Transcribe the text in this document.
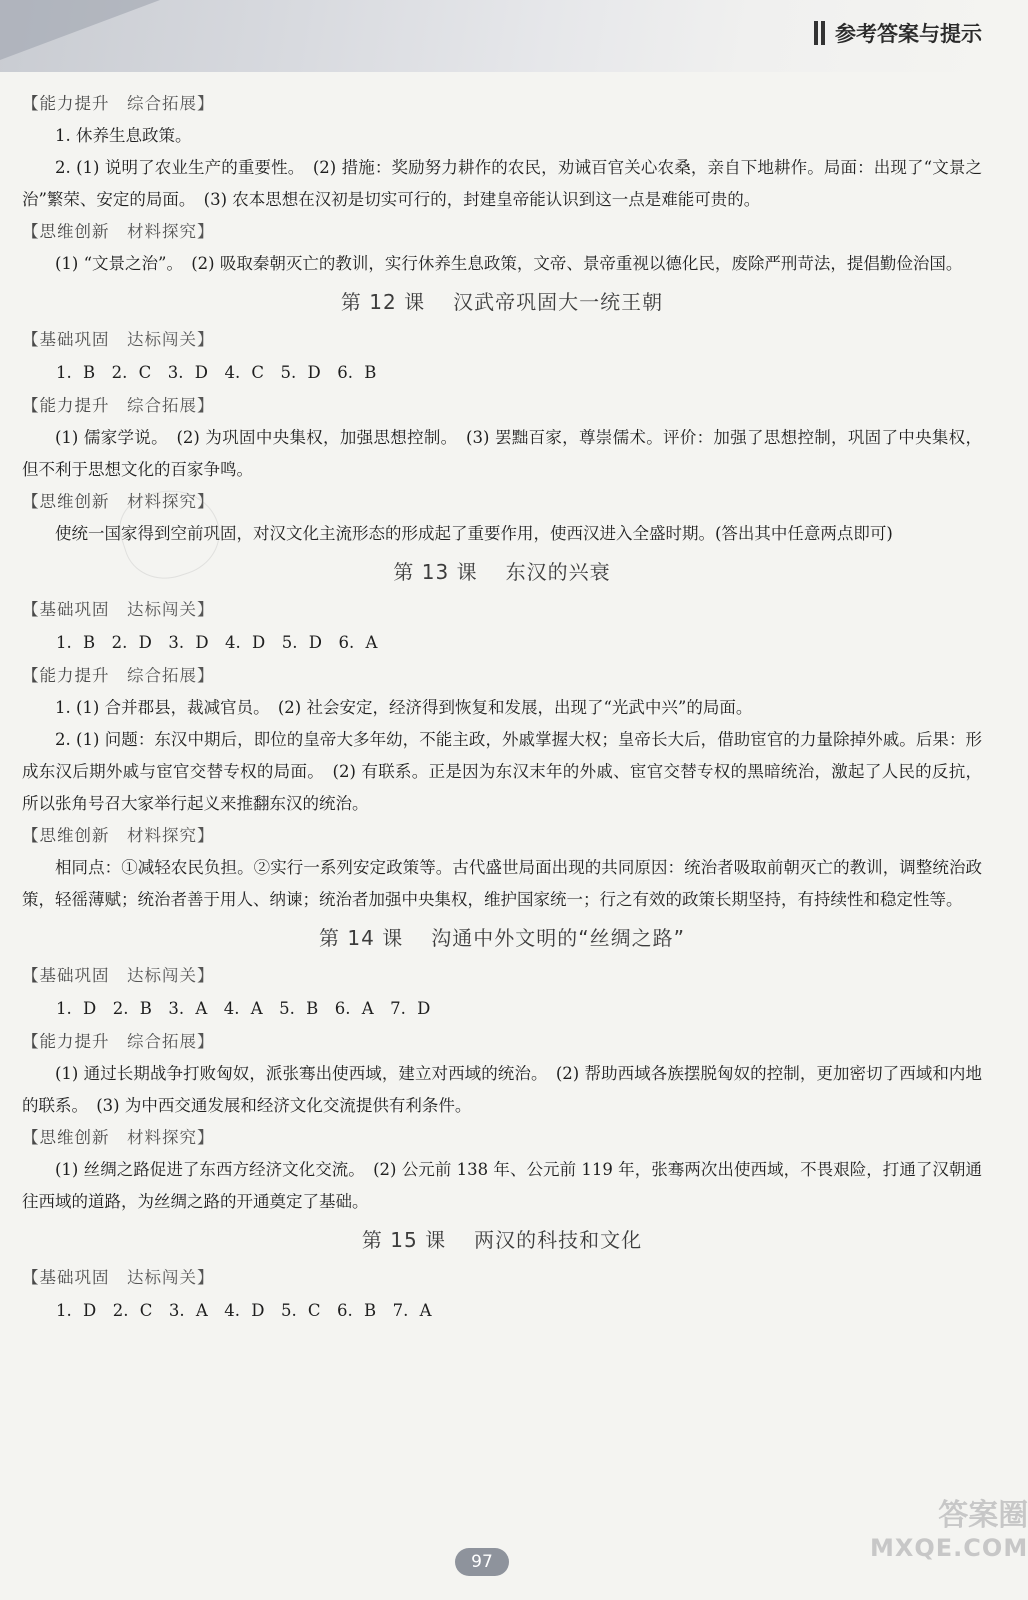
参考答案与提示
【能力提升　 综合拓展】
1. 休养生息政策。
2. (1) 说明了农业生产的重要性。　(2) 措施：奖励努力耕作的农民，劝诫百官关心农桑，亲自下地耕作。局面：出现了“文景之治”繁荣、安定的局面。　(3) 农本思想在汉初是切实可行的，封建皇帝能认识到这一点是难能可贵的。
【思维创新　 材料探究】
(1) “文景之治”。　(2) 吸取秦朝灭亡的教训，实行休养生息政策，文帝、景帝重视以德化民，废除严刑苛法，提倡勤俭治国。
第 12 课 汉武帝巩固大一统王朝
【基础巩固　 达标闯关】
1. B　2. C　3. D　4. C　5. D　6. B
【能力提升　 综合拓展】
(1) 儒家学说。　(2) 为巩固中央集权，加强思想控制。　(3) 罢黜百家，尊崇儒术。评价：加强了思想控制，巩固了中央集权，但不利于思想文化的百家争鸣。
【思维创新　 材料探究】
使统一国家得到空前巩固，对汉文化主流形态的形成起了重要作用，使西汉进入全盛时期。(答出其中任意两点即可)
第 13 课 东汉的兴衰
【基础巩固　 达标闯关】
1. B　2. D　3. D　4. D　5. D　6. A
【能力提升　 综合拓展】
1. (1) 合并郡县，裁减官员。　(2) 社会安定，经济得到恢复和发展，出现了“光武中兴”的局面。
2. (1) 问题：东汉中期后，即位的皇帝大多年幼，不能主政，外戚掌握大权；皇帝长大后，借助宦官的力量除掉外戚。后果：形成东汉后期外戚与宦官交替专权的局面。　(2) 有联系。正是因为东汉末年的外戚、宦官交替专权的黑暗统治，激起了人民的反抗，所以张角号召大家举行起义来推翻东汉的统治。
【思维创新　 材料探究】
相同点：①减轻农民负担。②实行一系列安定政策等。古代盛世局面出现的共同原因：统治者吸取前朝灭亡的教训，调整统治政策，轻徭薄赋；统治者善于用人、纳谏；统治者加强中央集权，维护国家统一；行之有效的政策长期坚持，有持续性和稳定性等。
第 14 课 沟通中外文明的“丝绸之路”
【基础巩固　 达标闯关】
1. D　2. B　3. A　4. A　5. B　6. A　7. D
【能力提升　 综合拓展】
(1) 通过长期战争打败匈奴，派张骞出使西域，建立对西域的统治。　(2) 帮助西域各族摆脱匈奴的控制，更加密切了西域和内地的联系。　(3) 为中西交通发展和经济文化交流提供有利条件。
【思维创新　 材料探究】
(1) 丝绸之路促进了东西方经济文化交流。　(2) 公元前 138 年、公元前 119 年，张骞两次出使西域，不畏艰险，打通了汉朝通往西域的道路，为丝绸之路的开通奠定了基础。
第 15 课 两汉的科技和文化
【基础巩固　 达标闯关】
1. D　2. C　3. A　4. D　5. C　6. B　7. A
答案圈
MXQE.COM
97
